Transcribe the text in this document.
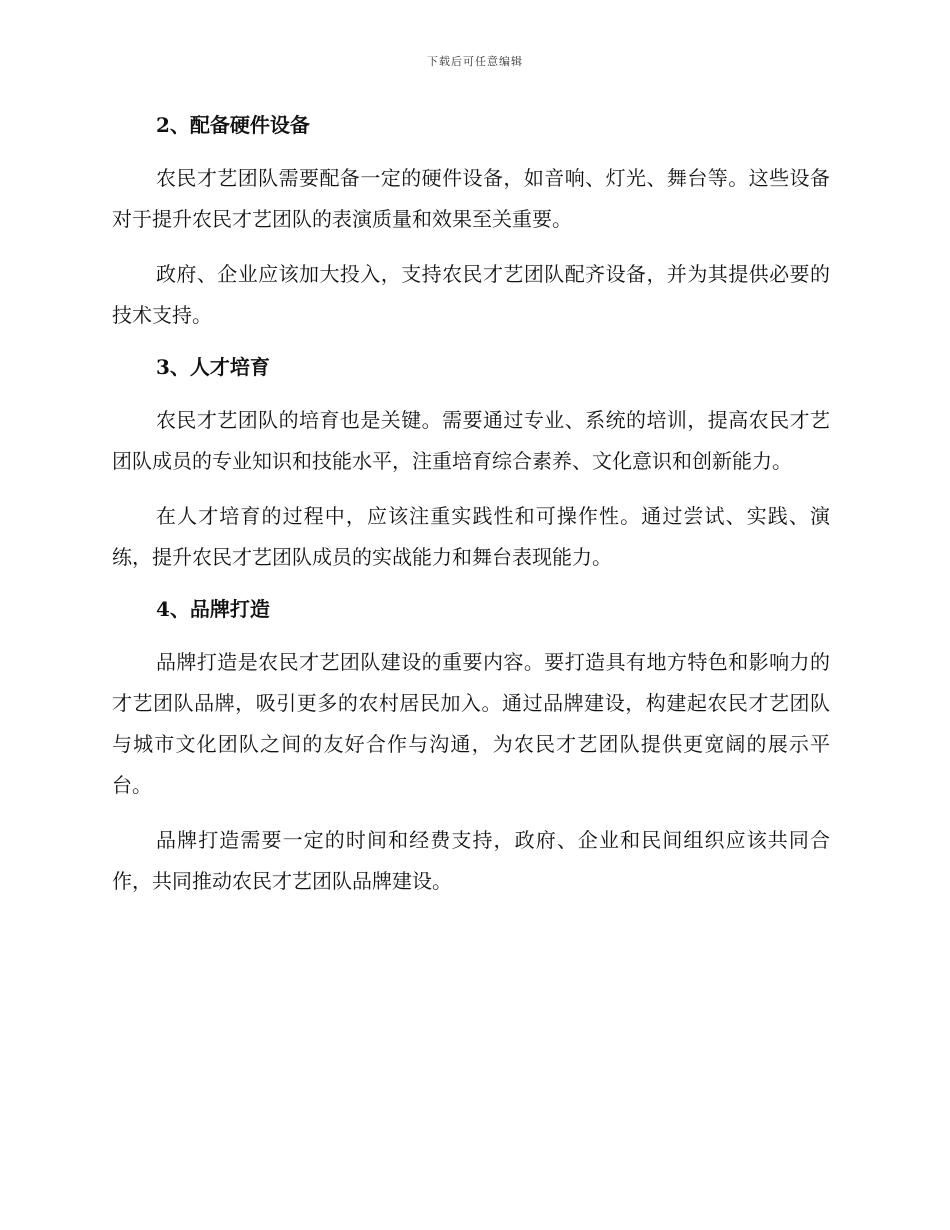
下载后可任意编辑
2、配备硬件设备

农民才艺团队需要配备一定的硬件设备，如音响、灯光、舞台等。这些设备对于提升农民才艺团队的表演质量和效果至关重要。

政府、企业应该加大投入，支持农民才艺团队配齐设备，并为其提供必要的技术支持。

3、人才培育

农民才艺团队的培育也是关键。需要通过专业、系统的培训，提高农民才艺团队成员的专业知识和技能水平，注重培育综合素养、文化意识和创新能力。

在人才培育的过程中，应该注重实践性和可操作性。通过尝试、实践、演练，提升农民才艺团队成员的实战能力和舞台表现能力。

4、品牌打造

品牌打造是农民才艺团队建设的重要内容。要打造具有地方特色和影响力的才艺团队品牌，吸引更多的农村居民加入。通过品牌建设，构建起农民才艺团队与城市文化团队之间的友好合作与沟通，为农民才艺团队提供更宽阔的展示平台。

品牌打造需要一定的时间和经费支持，政府、企业和民间组织应该共同合作，共同推动农民才艺团队品牌建设。
